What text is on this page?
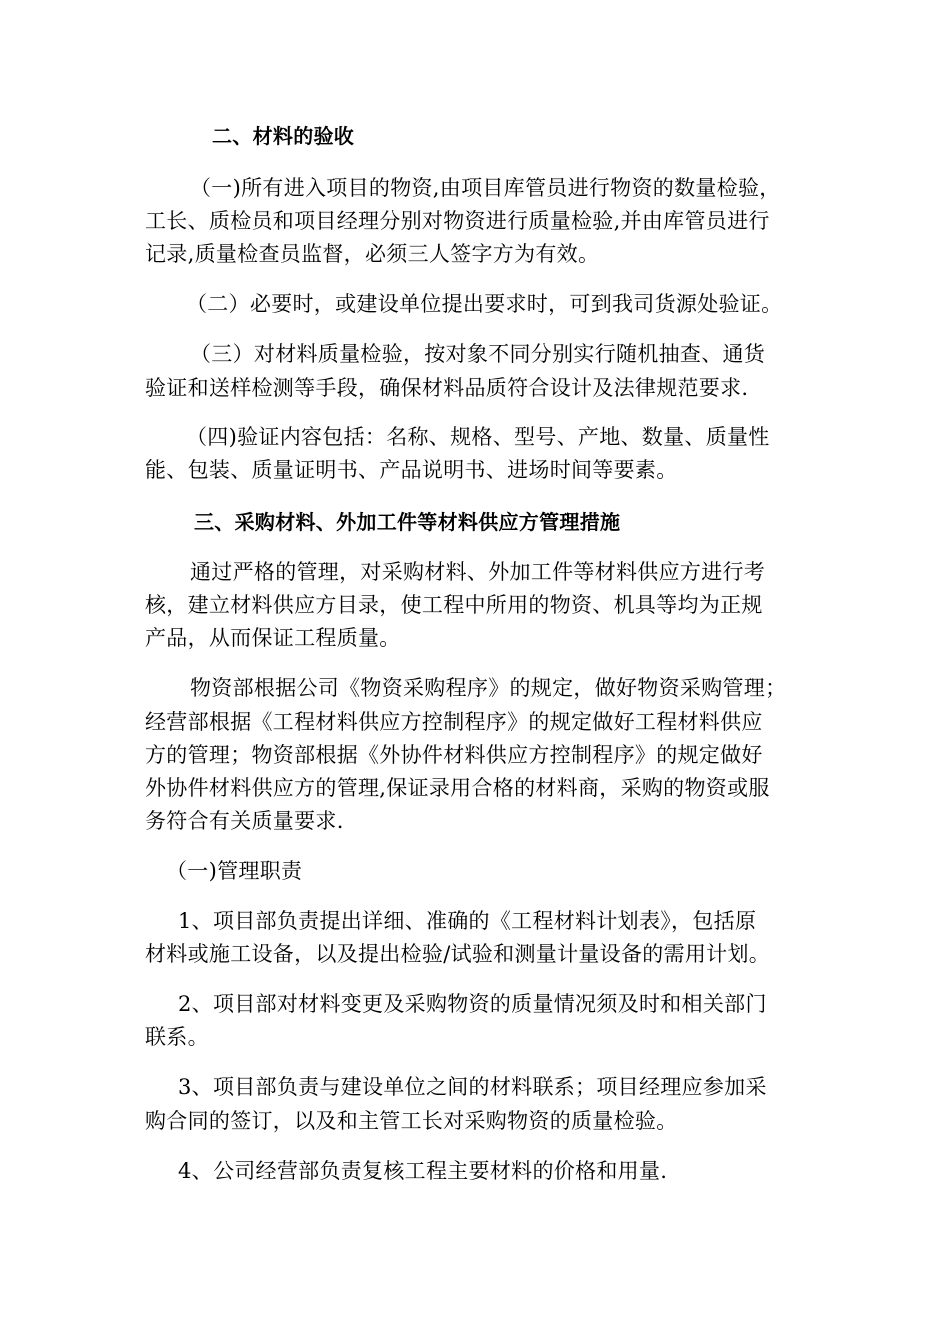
二、材料的验收
（一)所有进入项目的物资,由项目库管员进行物资的数量检验，
工长、质检员和项目经理分别对物资进行质量检验,并由库管员进行
记录,质量检查员监督，必须三人签字方为有效。
（二）必要时，或建设单位提出要求时，可到我司货源处验证。
（三）对材料质量检验，按对象不同分别实行随机抽查、通货
验证和送样检测等手段，确保材料品质符合设计及法律规范要求.
（四)验证内容包括：名称、规格、型号、产地、数量、质量性
能、包装、质量证明书、产品说明书、进场时间等要素。
三、采购材料、外加工件等材料供应方管理措施
通过严格的管理，对采购材料、外加工件等材料供应方进行考
核，建立材料供应方目录，使工程中所用的物资、机具等均为正规
产品，从而保证工程质量。
物资部根据公司《物资采购程序》的规定，做好物资采购管理；
经营部根据《工程材料供应方控制程序》的规定做好工程材料供应
方的管理；物资部根据《外协件材料供应方控制程序》的规定做好
外协件材料供应方的管理,保证录用合格的材料商，采购的物资或服
务符合有关质量要求.
（一)管理职责
1、项目部负责提出详细、准确的《工程材料计划表》，包括原
材料或施工设备，以及提出检验/试验和测量计量设备的需用计划。
2、项目部对材料变更及采购物资的质量情况须及时和相关部门
联系。
3、项目部负责与建设单位之间的材料联系；项目经理应参加采
购合同的签订，以及和主管工长对采购物资的质量检验。
4、公司经营部负责复核工程主要材料的价格和用量.
